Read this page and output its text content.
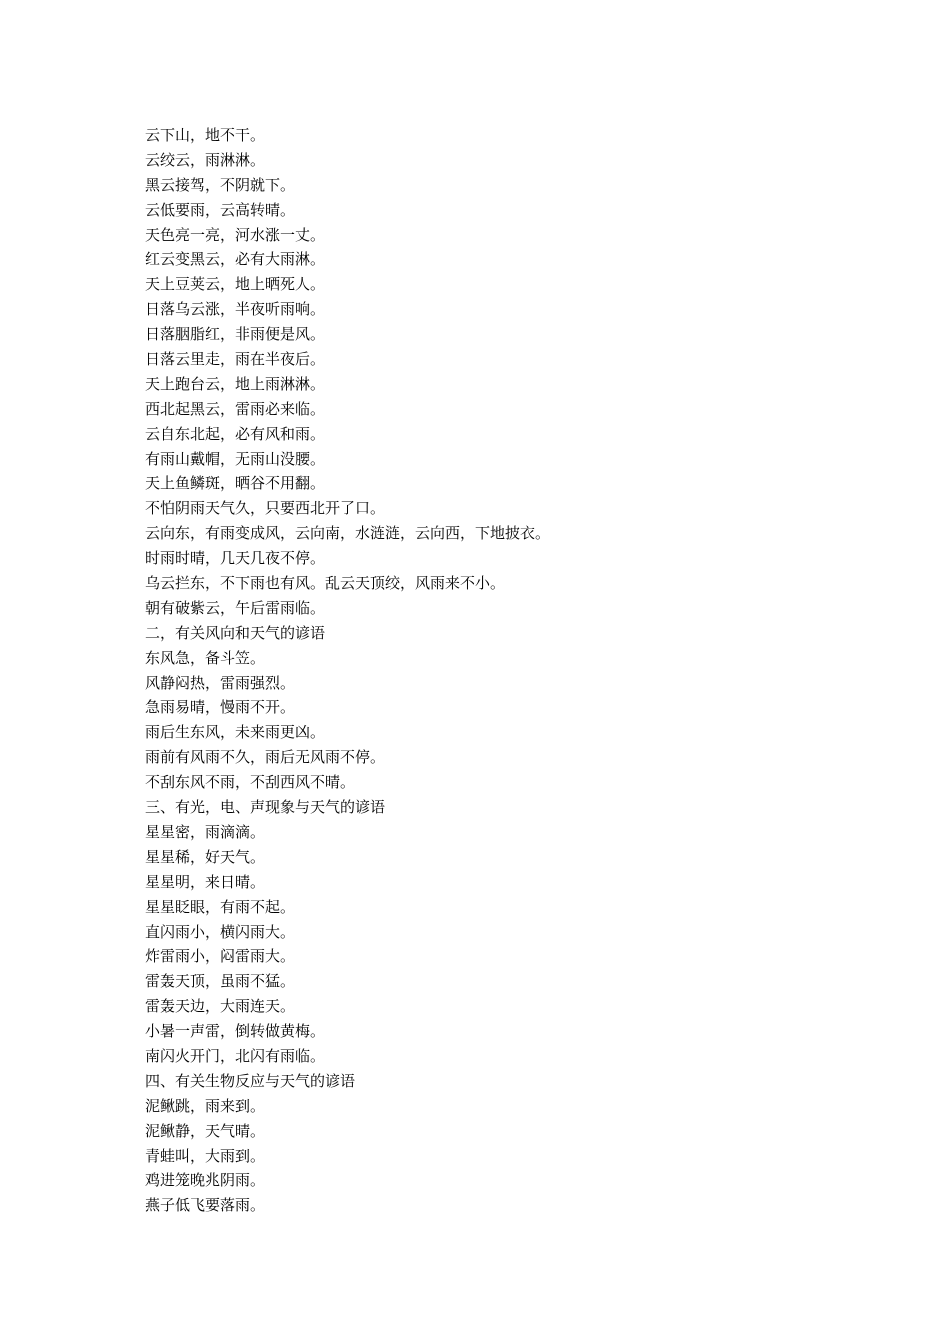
云下山，地不干。
云绞云，雨淋淋。
黑云接驾，不阴就下。
云低要雨，云高转晴。
天色亮一亮，河水涨一丈。
红云变黑云，必有大雨淋。
天上豆荚云，地上晒死人。
日落乌云涨，半夜听雨响。
日落胭脂红，非雨便是风。
日落云里走，雨在半夜后。
天上跑台云，地上雨淋淋。
西北起黑云，雷雨必来临。
云自东北起，必有风和雨。
有雨山戴帽，无雨山没腰。
天上鱼鳞斑，晒谷不用翻。
不怕阴雨天气久，只要西北开了口。
云向东，有雨变成风，云向南，水涟涟，云向西，下地披衣。
时雨时晴，几天几夜不停。
乌云拦东，不下雨也有风。乱云天顶绞，风雨来不小。
朝有破紫云，午后雷雨临。
二，有关风向和天气的谚语
东风急，备斗笠。
风静闷热，雷雨强烈。
急雨易晴，慢雨不开。
雨后生东风，未来雨更凶。
雨前有风雨不久，雨后无风雨不停。
不刮东风不雨，不刮西风不晴。
三、有光，电、声现象与天气的谚语
星星密，雨滴滴。
星星稀，好天气。
星星明，来日晴。
星星眨眼，有雨不起。
直闪雨小，横闪雨大。
炸雷雨小，闷雷雨大。
雷轰天顶，虽雨不猛。
雷轰天边，大雨连天。
小暑一声雷，倒转做黄梅。
南闪火开门，北闪有雨临。
四、有关生物反应与天气的谚语
泥鳅跳，雨来到。
泥鳅静，天气晴。
青蛙叫，大雨到。
鸡进笼晚兆阴雨。
燕子低飞要落雨。
